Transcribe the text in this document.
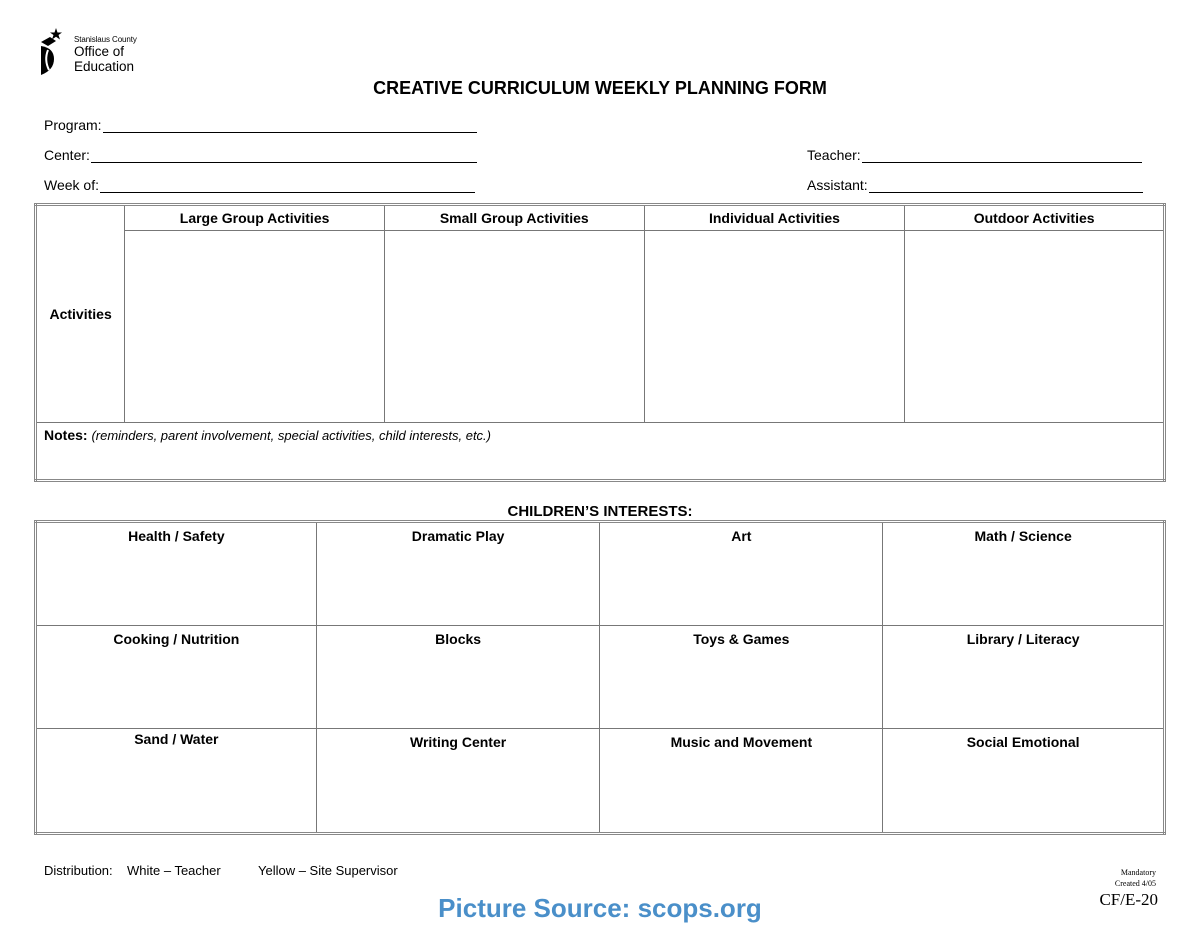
Stanislaus County
Office of
Education
CREATIVE CURRICULUM WEEKLY PLANNING FORM
Program:
Center:
Week of:
Teacher:
Assistant:
Activities	Large Group Activities	Small Group Activities	Individual Activities	Outdoor Activities

Notes: (reminders, parent involvement, special activities, child interests, etc.)				
CHILDREN’S INTERESTS:
Health / Safety	Dramatic Play	Art	Math / Science
Cooking / Nutrition	Blocks	Toys & Games	Library / Literacy
Sand / Water	Writing Center	Music and Movement	Social Emotional
Distribution: White – Teacher	Yellow – Site Supervisor	Mandatory
Created 4/05
CF/E-20
Picture Source: scops.org
